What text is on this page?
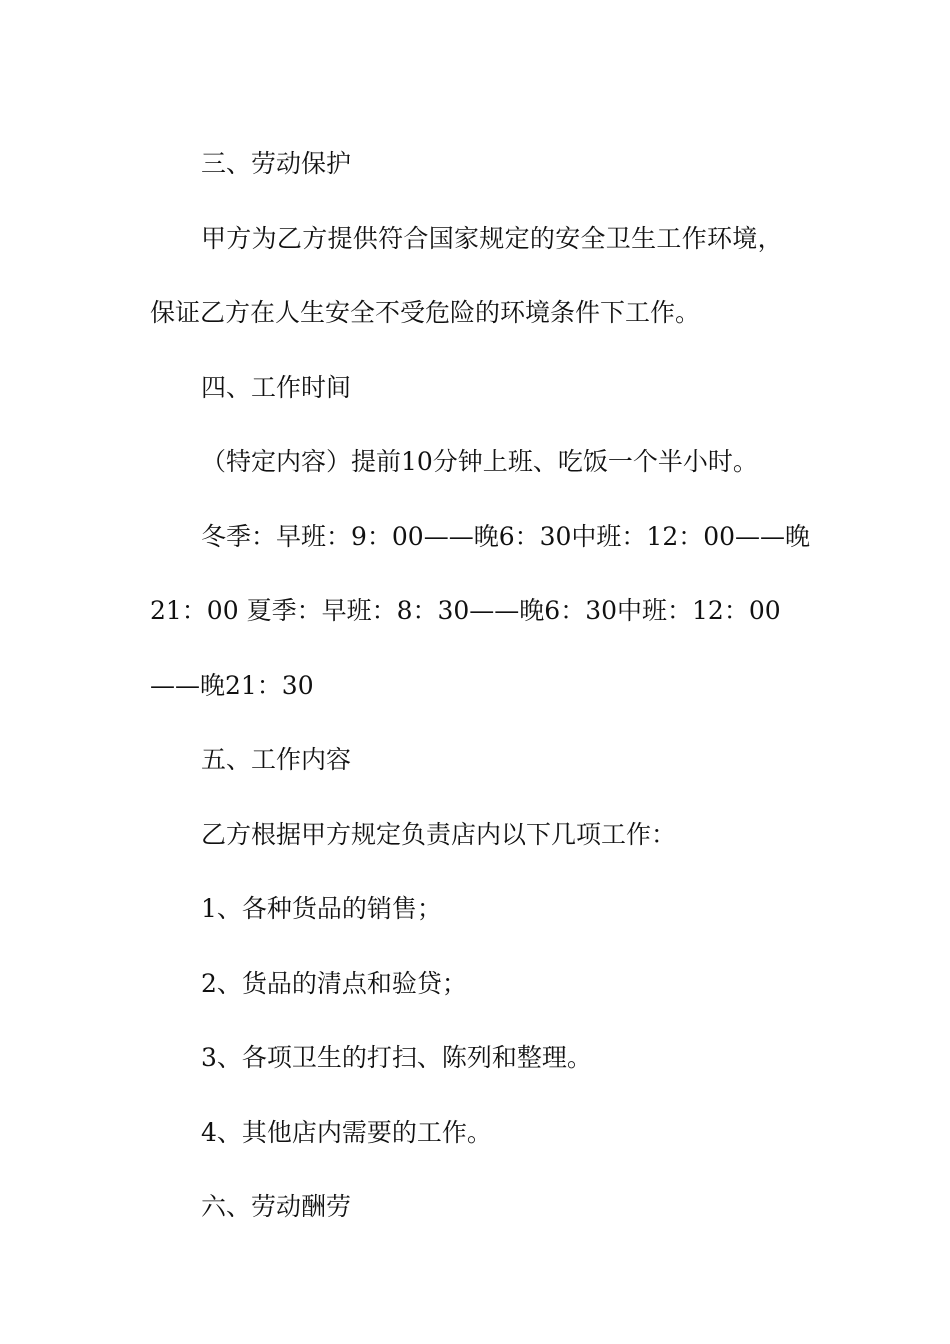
三、劳动保护

甲方为乙方提供符合国家规定的安全卫生工作环境，

保证乙方在人生安全不受危险的环境条件下工作。

四、工作时间

（特定内容）提前10分钟上班、吃饭一个半小时。

冬季：早班：9：00——晚6：30中班：12：00——晚

21：00 夏季：早班：8：30——晚6：30中班：12：00

——晚21：30

五、工作内容

乙方根据甲方规定负责店内以下几项工作：

1、各种货品的销售；

2、货品的清点和验贷；

3、各项卫生的打扫、陈列和整理。

4、其他店内需要的工作。

六、劳动酬劳
